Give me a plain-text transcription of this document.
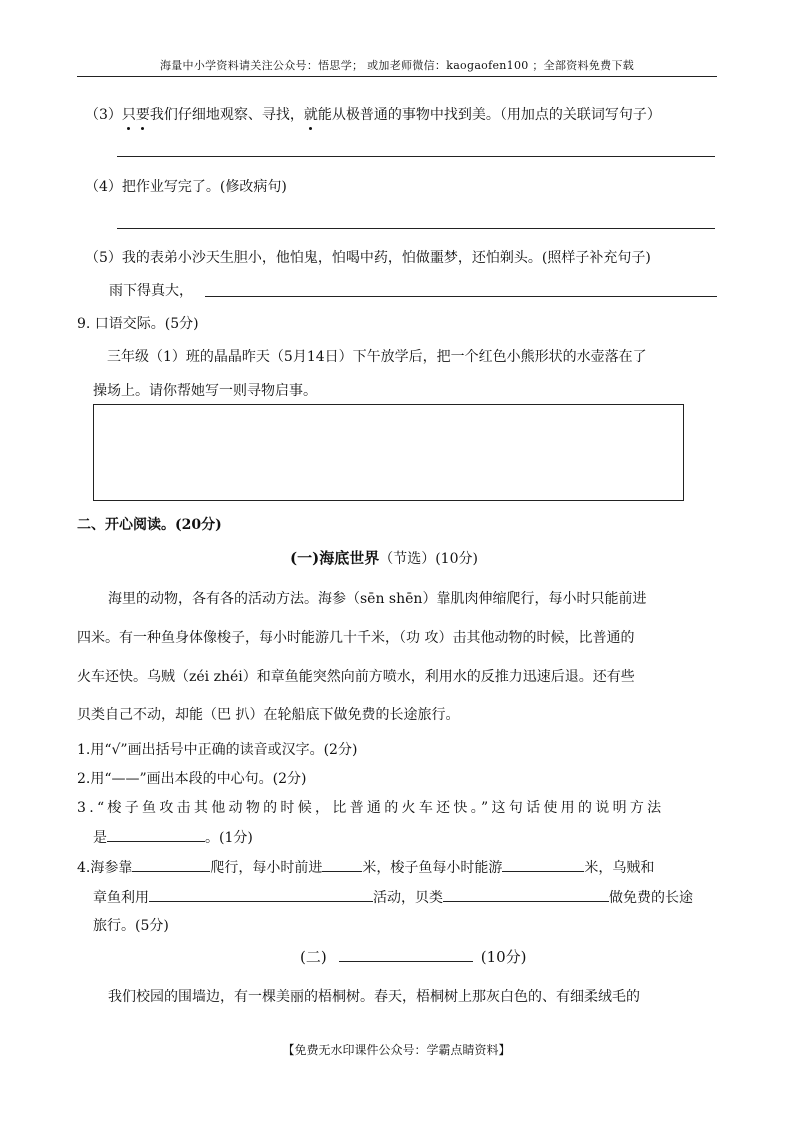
海量中小学资料请关注公众号：悟思学； 或加老师微信：kaogaofen100 ；全部资料免费下载
（3）只要我们仔细地观察、寻找，就能从极普通的事物中找到美。（用加点的关联词写句子）
（4）把作业写完了。(修改病句)
（5）我的表弟小沙天生胆小，他怕鬼，怕喝中药，怕做噩梦，还怕剃头。(照样子补充句子)
雨下得真大，
9. 口语交际。(5分)
三年级（1）班的晶晶昨天（5月14日）下午放学后，把一个红色小熊形状的水壶落在了
操场上。请你帮她写一则寻物启事。
二、开心阅读。(20分)
(一)海底世界（节选）(10分)
海里的动物，各有各的活动方法。海参（sēn shēn）靠肌肉伸缩爬行，每小时只能前进
四米。有一种鱼身体像梭子，每小时能游几十千米，（功 攻）击其他动物的时候，比普通的
火车还快。乌贼（zéi zhéi）和章鱼能突然向前方喷水，利用水的反推力迅速后退。还有些
贝类自己不动，却能（巴 扒）在轮船底下做免费的长途旅行。
1.用“√”画出括号中正确的读音或汉字。(2分)
2.用“——”画出本段的中心句。(2分)
3.“梭子鱼攻击其他动物的时候，比普通的火车还快。”这句话使用的说明方法
是	。(1分)
4.海参靠	爬行，每小时前进	米，梭子鱼每小时能游	米，乌贼和
章鱼利用	活动，贝类	做免费的长途
旅行。(5分)
(二)	(10分)
我们校园的围墙边，有一棵美丽的梧桐树。春天，梧桐树上那灰白色的、有细柔绒毛的
【免费无水印课件公众号：学霸点睛资料】
